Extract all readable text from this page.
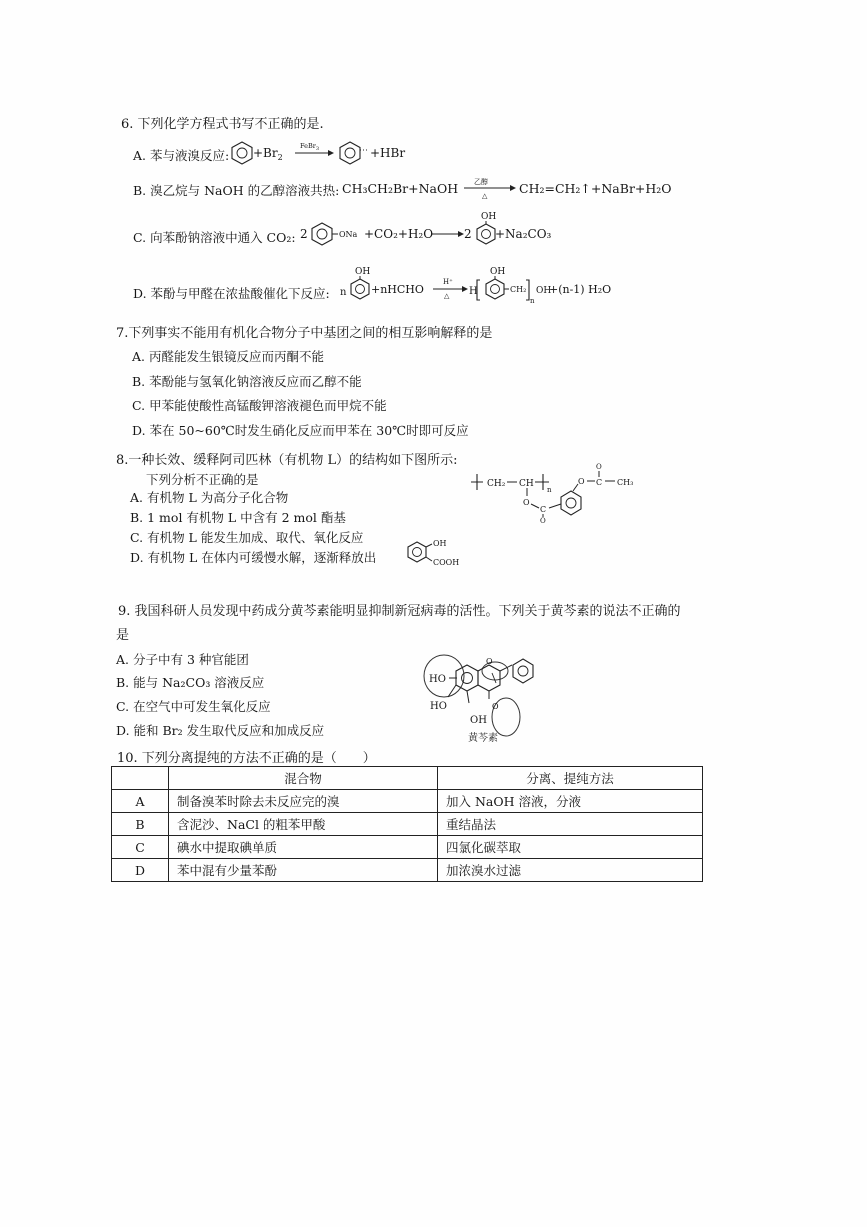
6. 下列化学方程式书写不正确的是.
A. 苯与液溴反应: $+Br_2$
FeBr$_3$	+HBr
B. 溴乙烷与 NaOH 的乙醇溶液共热: CH₃CH₂Br+NaOH 乙醇
△	CH₂=CH₂↑+NaBr+H₂O
C. 向苯酚钠溶液中通入 CO₂: 2	ONa +CO₂+H₂O	2
OH
+Na₂CO₃
D. 苯酚与甲醛在浓盐酸催化下反应: n
OH
+nHCHO
H⁺
△ H
OH
CH₂
n
OH
+(n-1) H₂O
7.下列事实不能用有机化合物分子中基团之间的相互影响解释的是
A. 丙醛能发生银镜反应而丙酮不能
B. 苯酚能与氢氧化钠溶液反应而乙醇不能
C. 甲苯能使酸性高锰酸钾溶液褪色而甲烷不能
D. 苯在 50~60℃时发生硝化反应而甲苯在 30℃时即可反应
8.一种长效、缓释阿司匹林（有机物 L）的结构如下图所示:
下列分析不正确的是
A. 有机物 L 为高分子化合物
B. 1 mol 有机物 L 中含有 2 mol 酯基
C. 有机物 L 能发生加成、取代、氧化反应
D. 有机物 L 在体内可缓慢水解，逐渐释放出
CH₂ CH
n
O
C
O
O C
O
CH₃
OH
COOH
9. 我国科研人员发现中药成分黄芩素能明显抑制新冠病毒的活性。下列关于黄芩素的说法不正确的
是
A. 分子中有 3 种官能团
B. 能与 Na₂CO₃ 溶液反应
C. 在空气中可发生氧化反应
D. 能和 Br₂ 发生取代反应和加成反应
HO
O
O
HO
OH
黄芩素
10. 下列分离提纯的方法不正确的是（　　）
	混合物	分离、提纯方法
A	制备溴苯时除去未反应完的溴	加入 NaOH 溶液，分液
B	含泥沙、NaCl 的粗苯甲酸	重结晶法
C	碘水中提取碘单质	四氯化碳萃取
D	苯中混有少量苯酚	加浓溴水过滤
